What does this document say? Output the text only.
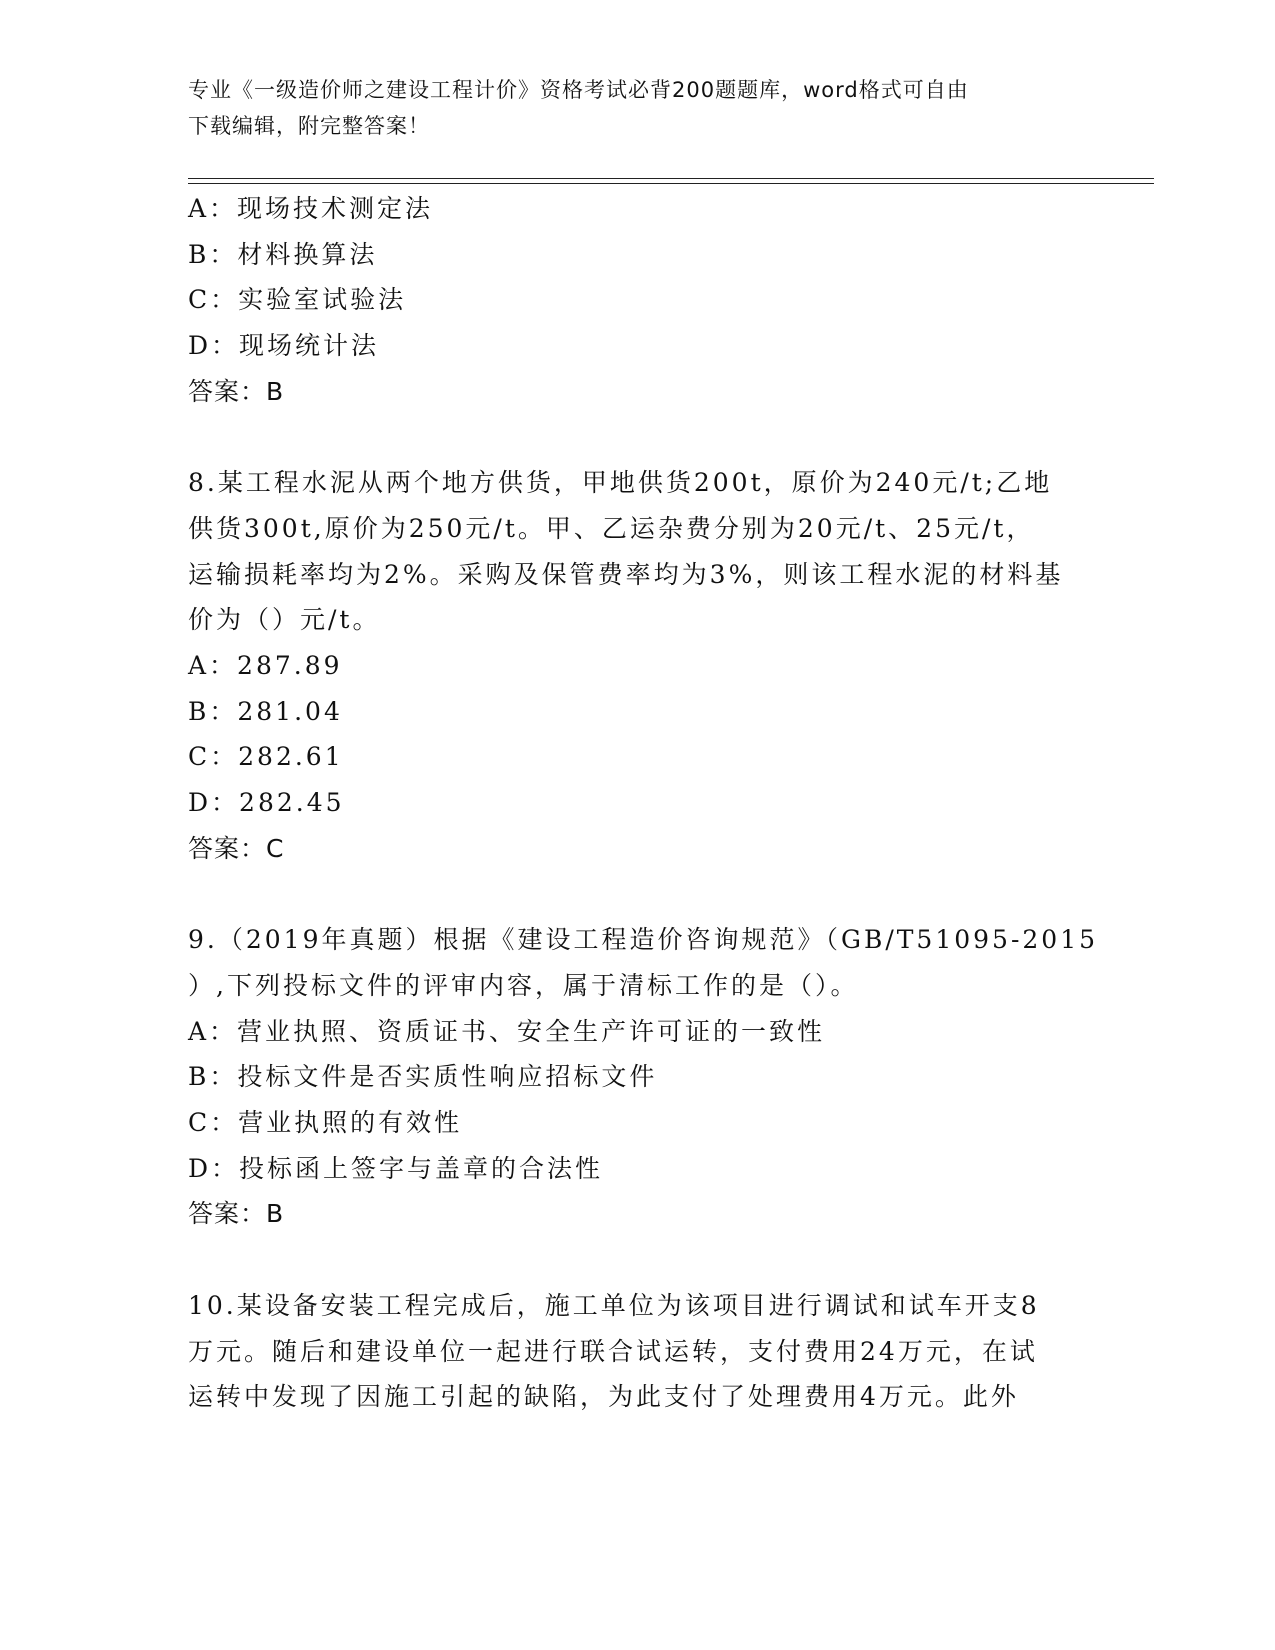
专业《一级造价师之建设工程计价》资格考试必背200题题库，word格式可自由
下载编辑，附完整答案！

A：现场技术测定法

B：材料换算法

C：实验室试验法

D：现场统计法

答案：B

8.某工程水泥从两个地方供货，甲地供货200t，原价为240元/t;乙地

供货300t,原价为250元/t。甲、乙运杂费分别为20元/t、25元/t，

运输损耗率均为2%。采购及保管费率均为3%，则该工程水泥的材料基

价为（）元/t。

A：287.89

B：281.04

C：282.61

D：282.45

答案：C

9.（2019年真题）根据《建设工程造价咨询规范》（GB/T51095-2015

）,下列投标文件的评审内容，属于清标工作的是（）。

A：营业执照、资质证书、安全生产许可证的一致性

B：投标文件是否实质性响应招标文件

C：营业执照的有效性

D：投标函上签字与盖章的合法性

答案：B

10.某设备安装工程完成后，施工单位为该项目进行调试和试车开支8

万元。随后和建设单位一起进行联合试运转，支付费用24万元，在试

运转中发现了因施工引起的缺陷，为此支付了处理费用4万元。此外
